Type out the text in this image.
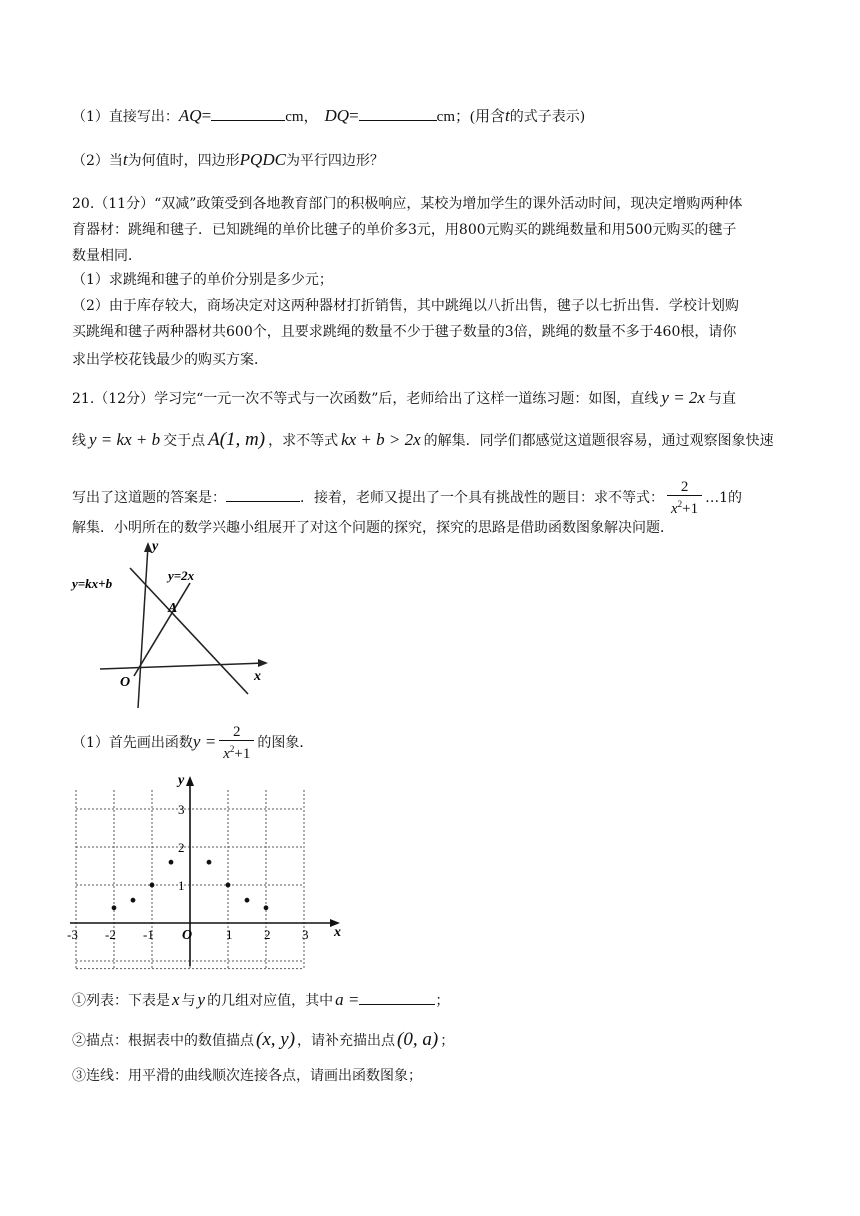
（1）直接写出：AQ=	cm， DQ=	cm；(用含t的式子表示)
（2）当t为何值时，四边形PQDC为平行四边形？
20.（11分）“双减”政策受到各地教育部门的积极响应，某校为增加学生的课外活动时间，现决定增购两种体
育器材：跳绳和毽子．已知跳绳的单价比毽子的单价多3元，用800元购买的跳绳数量和用500元购买的毽子
数量相同．
（1）求跳绳和毽子的单价分别是多少元；
（2）由于库存较大，商场决定对这两种器材打折销售，其中跳绳以八折出售，毽子以七折出售．学校计划购
买跳绳和毽子两种器材共600个，且要求跳绳的数量不少于毽子数量的3倍，跳绳的数量不多于460根，请你
求出学校花钱最少的购买方案．
21.（12分）学习完“一元一次不等式与一次函数”后，老师给出了这样一道练习题：如图，直线 y = 2x 与直
线 y = kx + b 交于点 A(1, m) ，求不等式 kx + b > 2x 的解集．同学们都感觉这道题很容易，通过观察图象快速
写出了这道题的答案是：	．接着，老师又提出了一个具有挑战性的题目：求不等式： $\frac{2}{x^2+1}$ …1的
解集．小明所在的数学兴趣小组展开了对这个问题的探究，探究的思路是借助函数图象解决问题．
y
x
O
y=kx+b
y=2x
A
（1）首先画出函数$y = \frac{2}{x^2+1}$ 的图象．
-3 -2 -1	1 2 3
1
2
3
y
x
O
①列表：下表是 x 与 y 的几组对应值，其中 a =	；
②描点：根据表中的数值描点 (x, y) ，请补充描出点 (0, a) ；
③连线：用平滑的曲线顺次连接各点，请画出函数图象；
